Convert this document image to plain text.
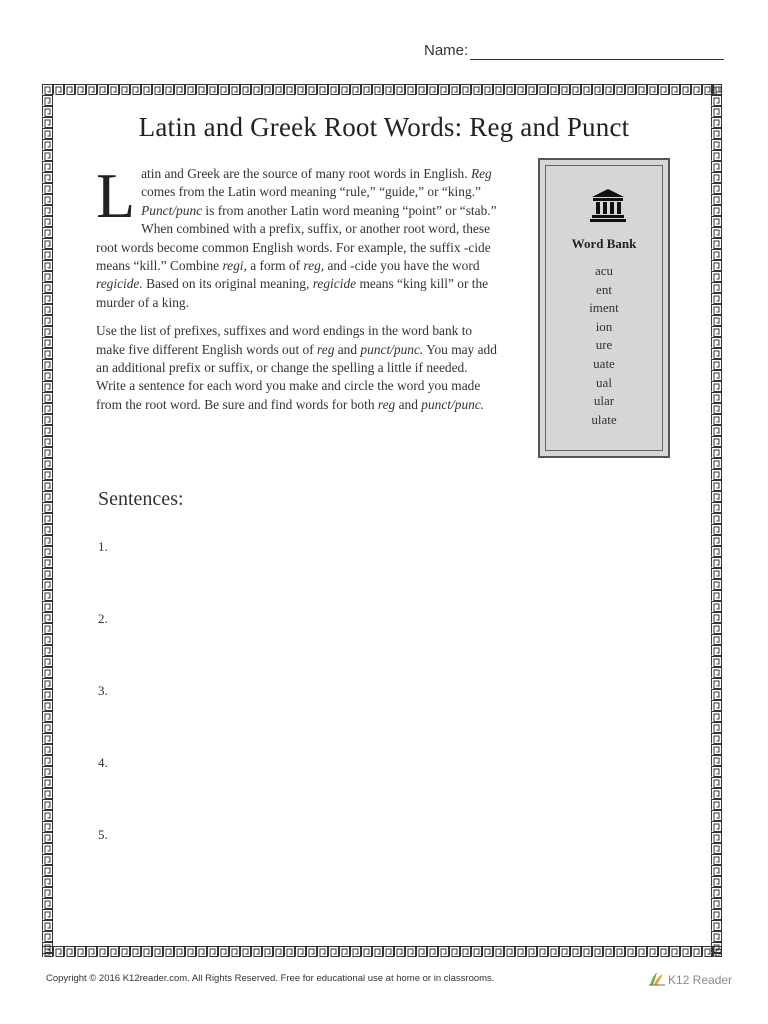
Name:
Latin and Greek Root Words: Reg and Punct

Latin and Greek are the source of many root words in English. Reg comes from the Latin word meaning “rule,” “guide,” or “king.” Punct/punc is from another Latin word meaning “point” or “stab.” When combined with a prefix, suffix, or another root word, these root words become common English words. For example, the suffix -cide means “kill.” Combine regi, a form of reg, and -cide you have the word regicide. Based on its original meaning, regicide means “king kill” or the murder of a king.

Use the list of prefixes, suffixes and word endings in the word bank to make five different English words out of reg and punct/punc. You may add an additional prefix or suffix, or change the spelling a little if needed. Write a sentence for each word you make and circle the word you made from the root word. Be sure and find words for both reg and punct/punc.

Word Bank
acu
ent
iment
ion
ure
uate
ual
ular
ulate
Sentences:
1.
2.
3.
4.
5.
Copyright © 2016 K12reader.com. All Rights Reserved. Free for educational use at home or in classrooms.	K12 Reader
